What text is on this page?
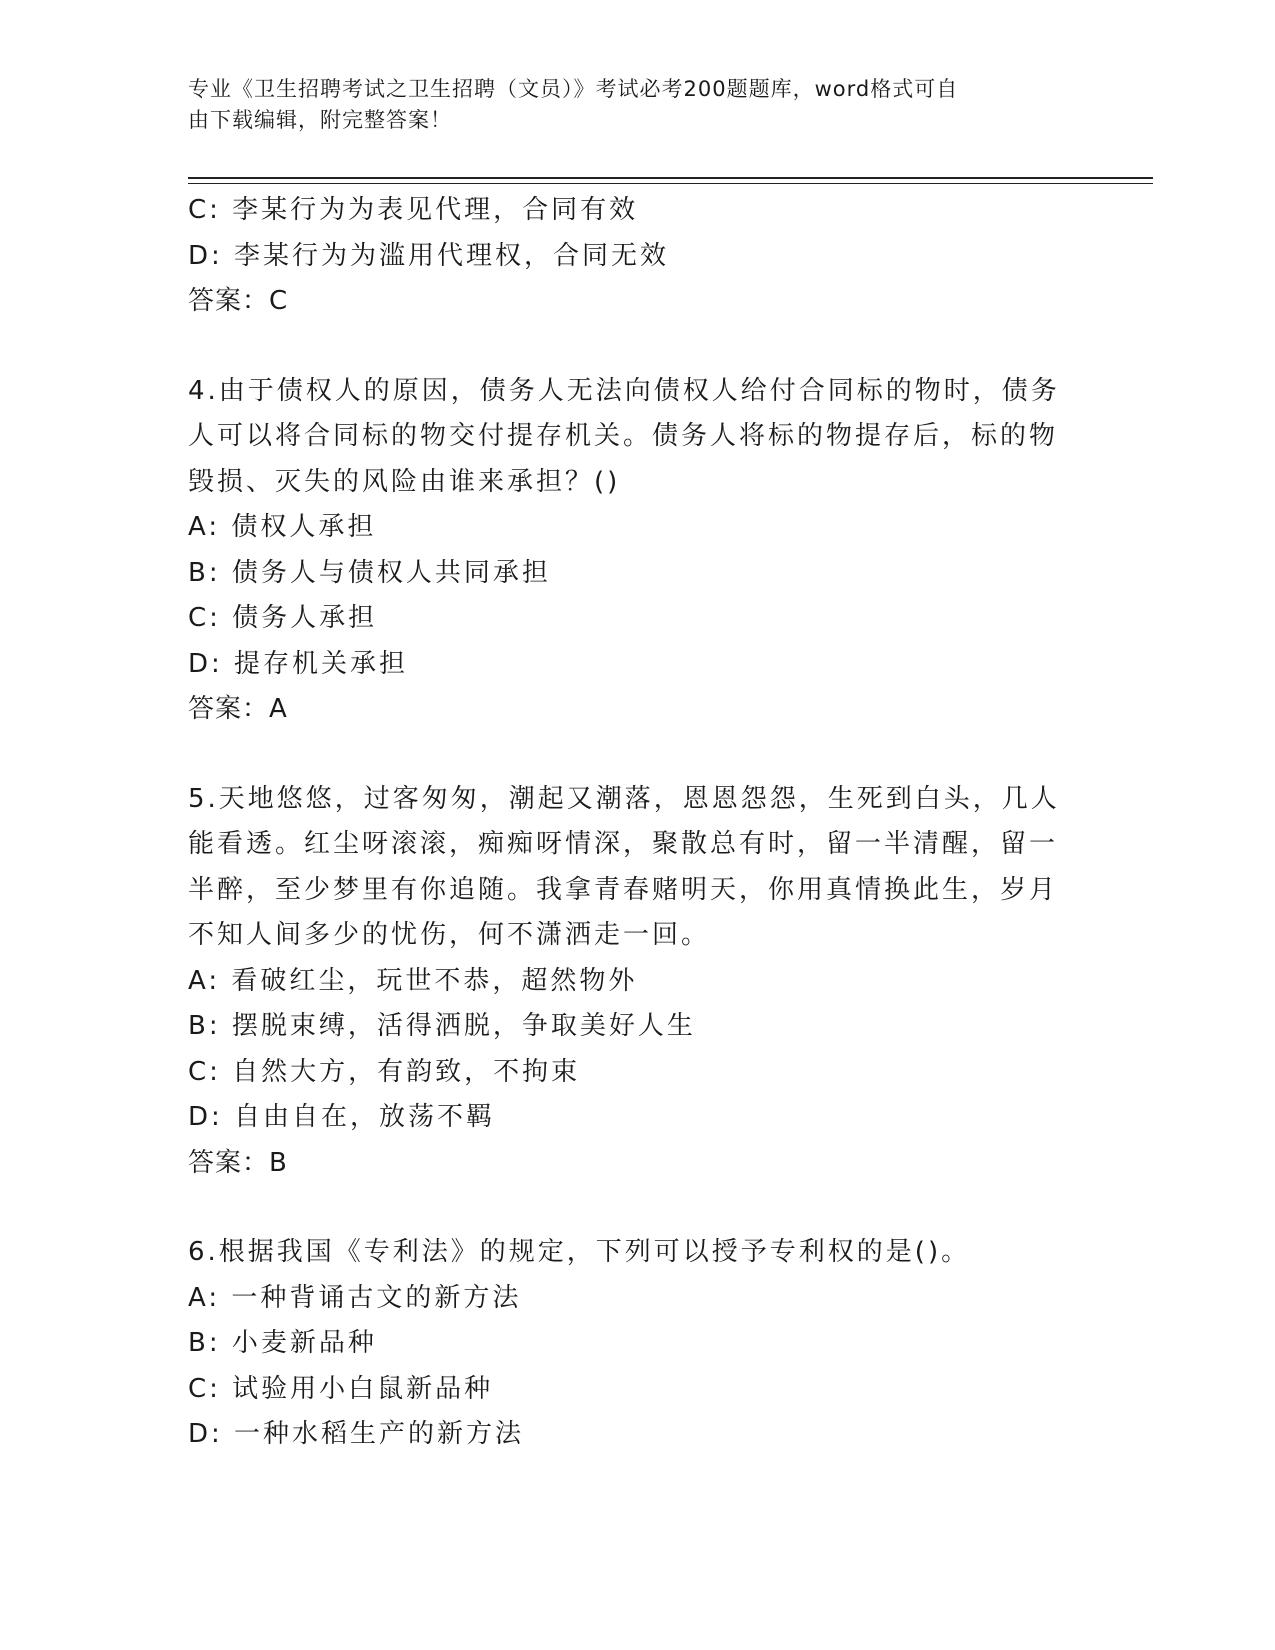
专业《卫生招聘考试之卫生招聘（文员）》考试必考200题题库，word格式可自
由下载编辑，附完整答案！

C: 李某行为为表见代理，合同有效

D: 李某行为为滥用代理权，合同无效

答案：C

4.由于债权人的原因，债务人无法向债权人给付合同标的物时，债务

人可以将合同标的物交付提存机关。债务人将标的物提存后，标的物

毁损、灭失的风险由谁来承担？()

A: 债权人承担

B: 债务人与债权人共同承担

C: 债务人承担

D: 提存机关承担

答案：A

5.天地悠悠，过客匆匆，潮起又潮落，恩恩怨怨，生死到白头，几人

能看透。红尘呀滚滚，痴痴呀情深，聚散总有时，留一半清醒，留一

半醉，至少梦里有你追随。我拿青春赌明天，你用真情换此生，岁月

不知人间多少的忧伤，何不潇洒走一回。

A: 看破红尘，玩世不恭，超然物外

B: 摆脱束缚，活得洒脱，争取美好人生

C: 自然大方，有韵致，不拘束

D: 自由自在，放荡不羁

答案：B

6.根据我国《专利法》的规定，下列可以授予专利权的是()。

A: 一种背诵古文的新方法

B: 小麦新品种

C: 试验用小白鼠新品种

D: 一种水稻生产的新方法
